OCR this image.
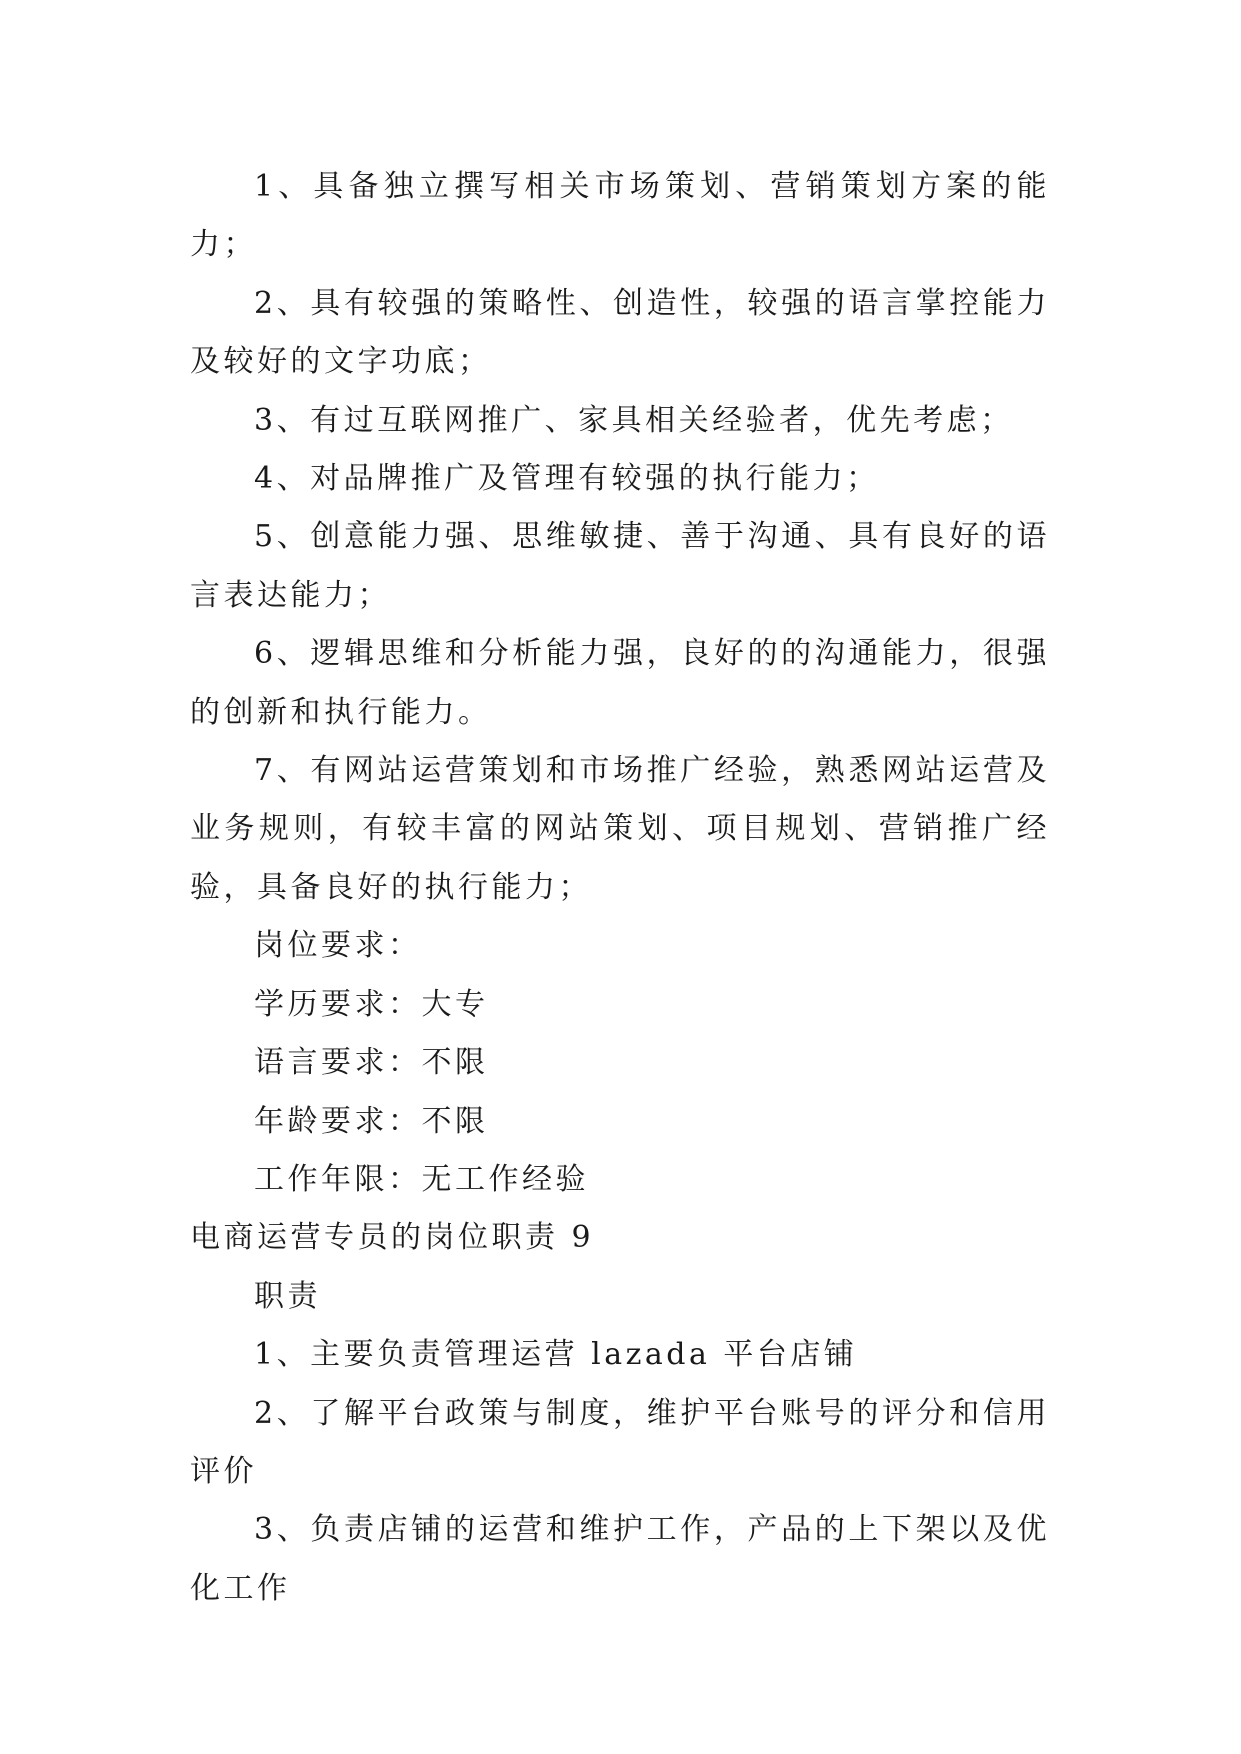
1、具备独立撰写相关市场策划、营销策划方案的能力；

2、具有较强的策略性、创造性，较强的语言掌控能力及较好的文字功底；

3、有过互联网推广、家具相关经验者，优先考虑；

4、对品牌推广及管理有较强的执行能力；

5、创意能力强、思维敏捷、善于沟通、具有良好的语言表达能力；

6、逻辑思维和分析能力强，良好的的沟通能力，很强的创新和执行能力。

7、有网站运营策划和市场推广经验，熟悉网站运营及业务规则，有较丰富的网站策划、项目规划、营销推广经验，具备良好的执行能力；

岗位要求：

学历要求：大专

语言要求：不限

年龄要求：不限

工作年限：无工作经验

电商运营专员的岗位职责 9

职责

1、主要负责管理运营 lazada 平台店铺

2、了解平台政策与制度，维护平台账号的评分和信用评价

3、负责店铺的运营和维护工作，产品的上下架以及优化工作
